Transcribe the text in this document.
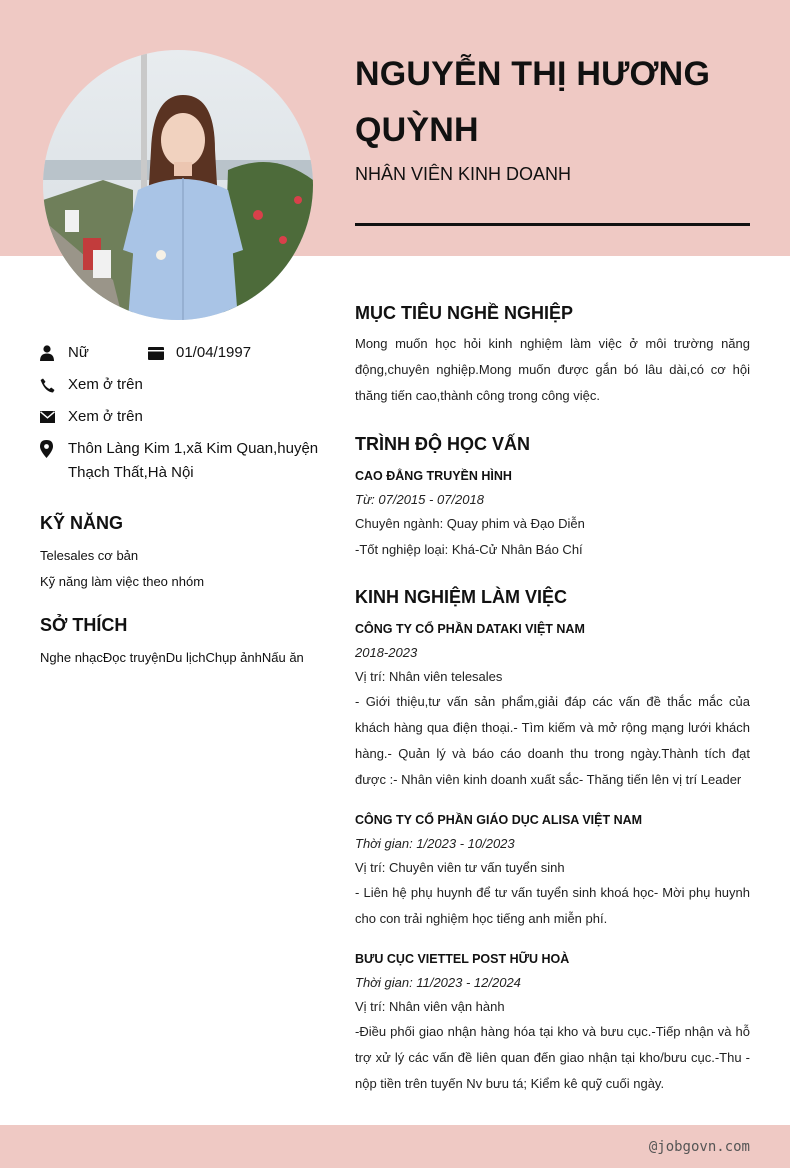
NGUYỄN THỊ HƯƠNG QUỲNH
NHÂN VIÊN KINH DOANH
Nữ	01/04/1997
Xem ở trên
Xem ở trên
Thôn Làng Kim 1,xã Kim Quan,huyện Thạch Thất,Hà Nội
KỸ NĂNG
Telesales cơ bản
Kỹ năng làm việc theo nhóm
SỞ THÍCH
Nghe nhạcĐọc truyệnDu lịchChụp ảnhNấu ăn
MỤC TIÊU NGHỀ NGHIỆP
Mong muốn học hỏi kinh nghiệm làm việc ở môi trường năng động,chuyên nghiệp.Mong muốn được gắn bó lâu dài,có cơ hội thăng tiến cao,thành công trong công việc.
TRÌNH ĐỘ HỌC VẤN
CAO ĐẲNG TRUYỀN HÌNH
Từ: 07/2015 - 07/2018
Chuyên ngành: Quay phim và Đạo Diễn
-Tốt nghiệp loại: Khá-Cử Nhân Báo Chí
KINH NGHIỆM LÀM VIỆC
CÔNG TY CỔ PHẦN DATAKI VIỆT NAM
2018-2023
Vị trí: Nhân viên telesales
- Giới thiệu,tư vấn sản phẩm,giải đáp các vấn đề thắc mắc của khách hàng qua điện thoại.- Tìm kiếm và mở rộng mạng lưới khách hàng.- Quản lý và báo cáo doanh thu trong ngày.Thành tích đạt được :- Nhân viên kinh doanh xuất sắc- Thăng tiến lên vị trí Leader
CÔNG TY CỔ PHẦN GIÁO DỤC ALISA VIỆT NAM
Thời gian: 1/2023 - 10/2023
Vị trí: Chuyên viên tư vấn tuyển sinh
- Liên hệ phụ huynh để tư vấn tuyển sinh khoá học- Mời phụ huynh cho con trải nghiệm học tiếng anh miễn phí.
BƯU CỤC VIETTEL POST HỮU HOÀ
Thời gian: 11/2023 - 12/2024
Vị trí: Nhân viên vận hành
-Điều phối giao nhận hàng hóa tại kho và bưu cục.-Tiếp nhận và hỗ trợ xử lý các vấn đề liên quan đến giao nhận tại kho/bưu cục.-Thu - nộp tiền trên tuyến Nv bưu tá; Kiểm kê quỹ cuối ngày.
@jobgovn.com
